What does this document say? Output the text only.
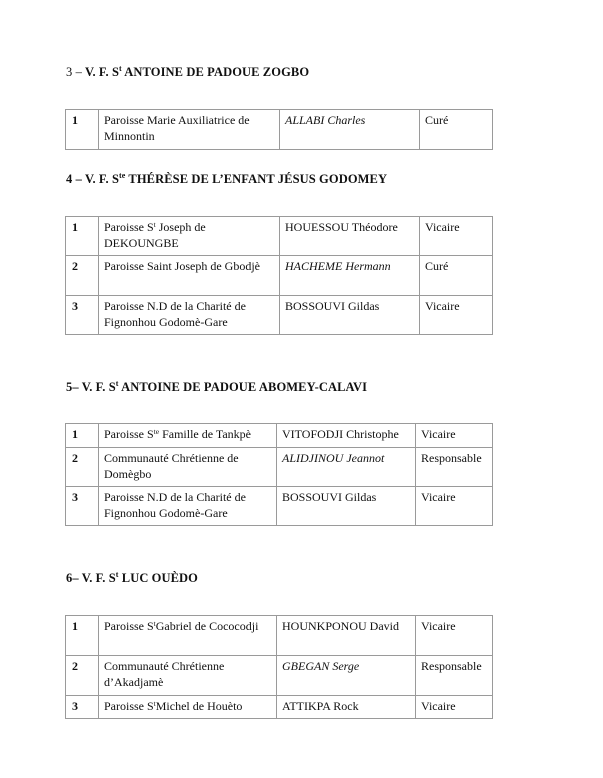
3 – V. F. $S^t$ ANTOINE DE PADOUE ZOGBO
1	Paroisse Marie Auxiliatrice de Minnontin	ALLABI Charles	Curé
4 – V. F. $S^{te}$ THÉRÈSE DE L’ENFANT JÉSUS GODOMEY
1	Paroisse $S^t$ Joseph de DEKOUNGBE	HOUESSOU Théodore	Vicaire
2	Paroisse Saint Joseph de Gbodjè	HACHEME Hermann	Curé
3	Paroisse N.D de la Charité de Fignonhou Godomè-Gare	BOSSOUVI Gildas	Vicaire
5– V. F. $S^t$ ANTOINE DE PADOUE ABOMEY-CALAVI
1	Paroisse $S^{te}$ Famille de Tankpè	VITOFODJI Christophe	Vicaire
2	Communauté Chrétienne de Domègbo	ALIDJINOU Jeannot	Responsable
3	Paroisse N.D de la Charité de Fignonhou Godomè-Gare	BOSSOUVI Gildas	Vicaire
6– V. F. $S^t$ LUC OUÈDO
1	Paroisse $S^tGabriel$ de Cococodji	HOUNKPONOU David	Vicaire
2	Communauté Chrétienne d’Akadjamè	GBEGAN Serge	Responsable
3	Paroisse $S^tMichel$ de Houèto	ATTIKPA Rock	Vicaire
